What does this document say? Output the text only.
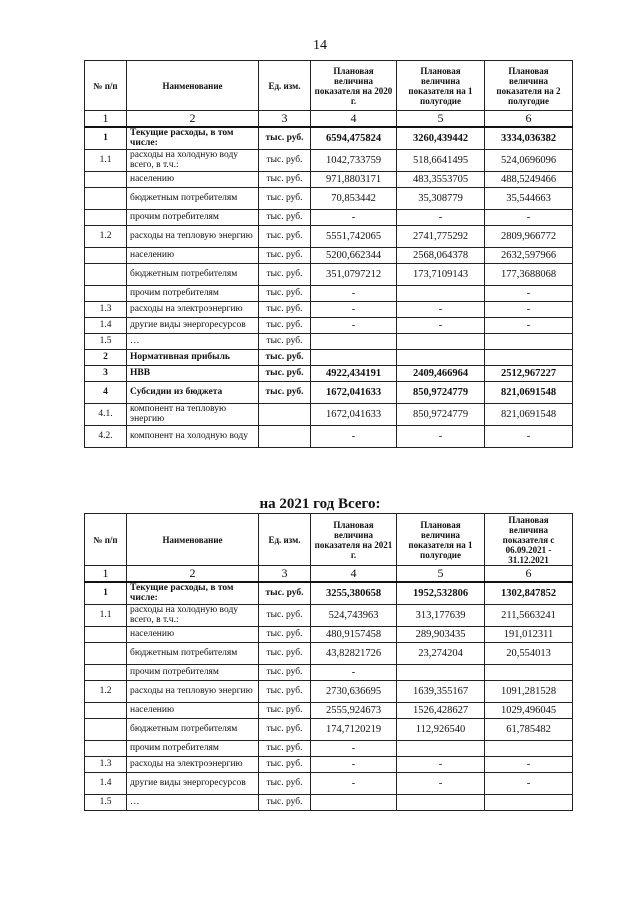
14
№ п/п	Наименование	Ед. изм.	Плановая величина показателя на 2020 г.	Плановая величина показателя на 1 полугодие	Плановая величина показателя на 2 полугодие
1	2	3	4	5	6
1	Текущие расходы, в том числе:	тыс. руб.	6594,475824	3260,439442	3334,036382
1.1	расходы на холодную воду всего, в т.ч.:	тыс. руб.	1042,733759	518,6641495	524,0696096
	населению	тыс. руб.	971,8803171	483,3553705	488,5249466
	бюджетным потребителям	тыс. руб.	70,853442	35,308779	35,544663
	прочим потребителям	тыс. руб.	-	-	-
1.2	расходы на тепловую энергию	тыс. руб.	5551,742065	2741,775292	2809,966772
	населению	тыс. руб.	5200,662344	2568,064378	2632,597966
	бюджетным потребителям	тыс. руб.	351,0797212	173,7109143	177,3688068
	прочим потребителям	тыс. руб.	-		-
1.3	расходы на электроэнергию	тыс. руб.	-	-	-
1.4	другие виды энергоресурсов	тыс. руб.	-	-	-
1.5	…	тыс. руб.			
2	Нормативная прибыль	тыс. руб.			
3	НВВ	тыс. руб.	4922,434191	2409,466964	2512,967227
4	Субсидии из бюджета	тыс. руб.	1672,041633	850,9724779	821,0691548
4.1.	компонент на тепловую энергию		1672,041633	850,9724779	821,0691548
4.2.	компонент на холодную воду		-	-	-
на 2021 год Всего:
№ п/п	Наименование	Ед. изм.	Плановая величина показателя на 2021 г.	Плановая величина показателя на 1 полугодие	Плановая величина показателя с 06.09.2021 - 31.12.2021
1	2	3	4	5	6
1	Текущие расходы, в том числе:	тыс. руб.	3255,380658	1952,532806	1302,847852
1.1	расходы на холодную воду всего, в т.ч.:	тыс. руб.	524,743963	313,177639	211,5663241
	населению	тыс. руб.	480,9157458	289,903435	191,012311
	бюджетным потребителям	тыс. руб.	43,82821726	23,274204	20,554013
	прочим потребителям	тыс. руб.	-		
1.2	расходы на тепловую энергию	тыс. руб.	2730,636695	1639,355167	1091,281528
	населению	тыс. руб.	2555,924673	1526,428627	1029,496045
	бюджетным потребителям	тыс. руб.	174,7120219	112,926540	61,785482
	прочим потребителям	тыс. руб.	-		
1.3	расходы на электроэнергию	тыс. руб.	-	-	-
1.4	другие виды энергоресурсов	тыс. руб.	-	-	-
1.5	…	тыс. руб.			
